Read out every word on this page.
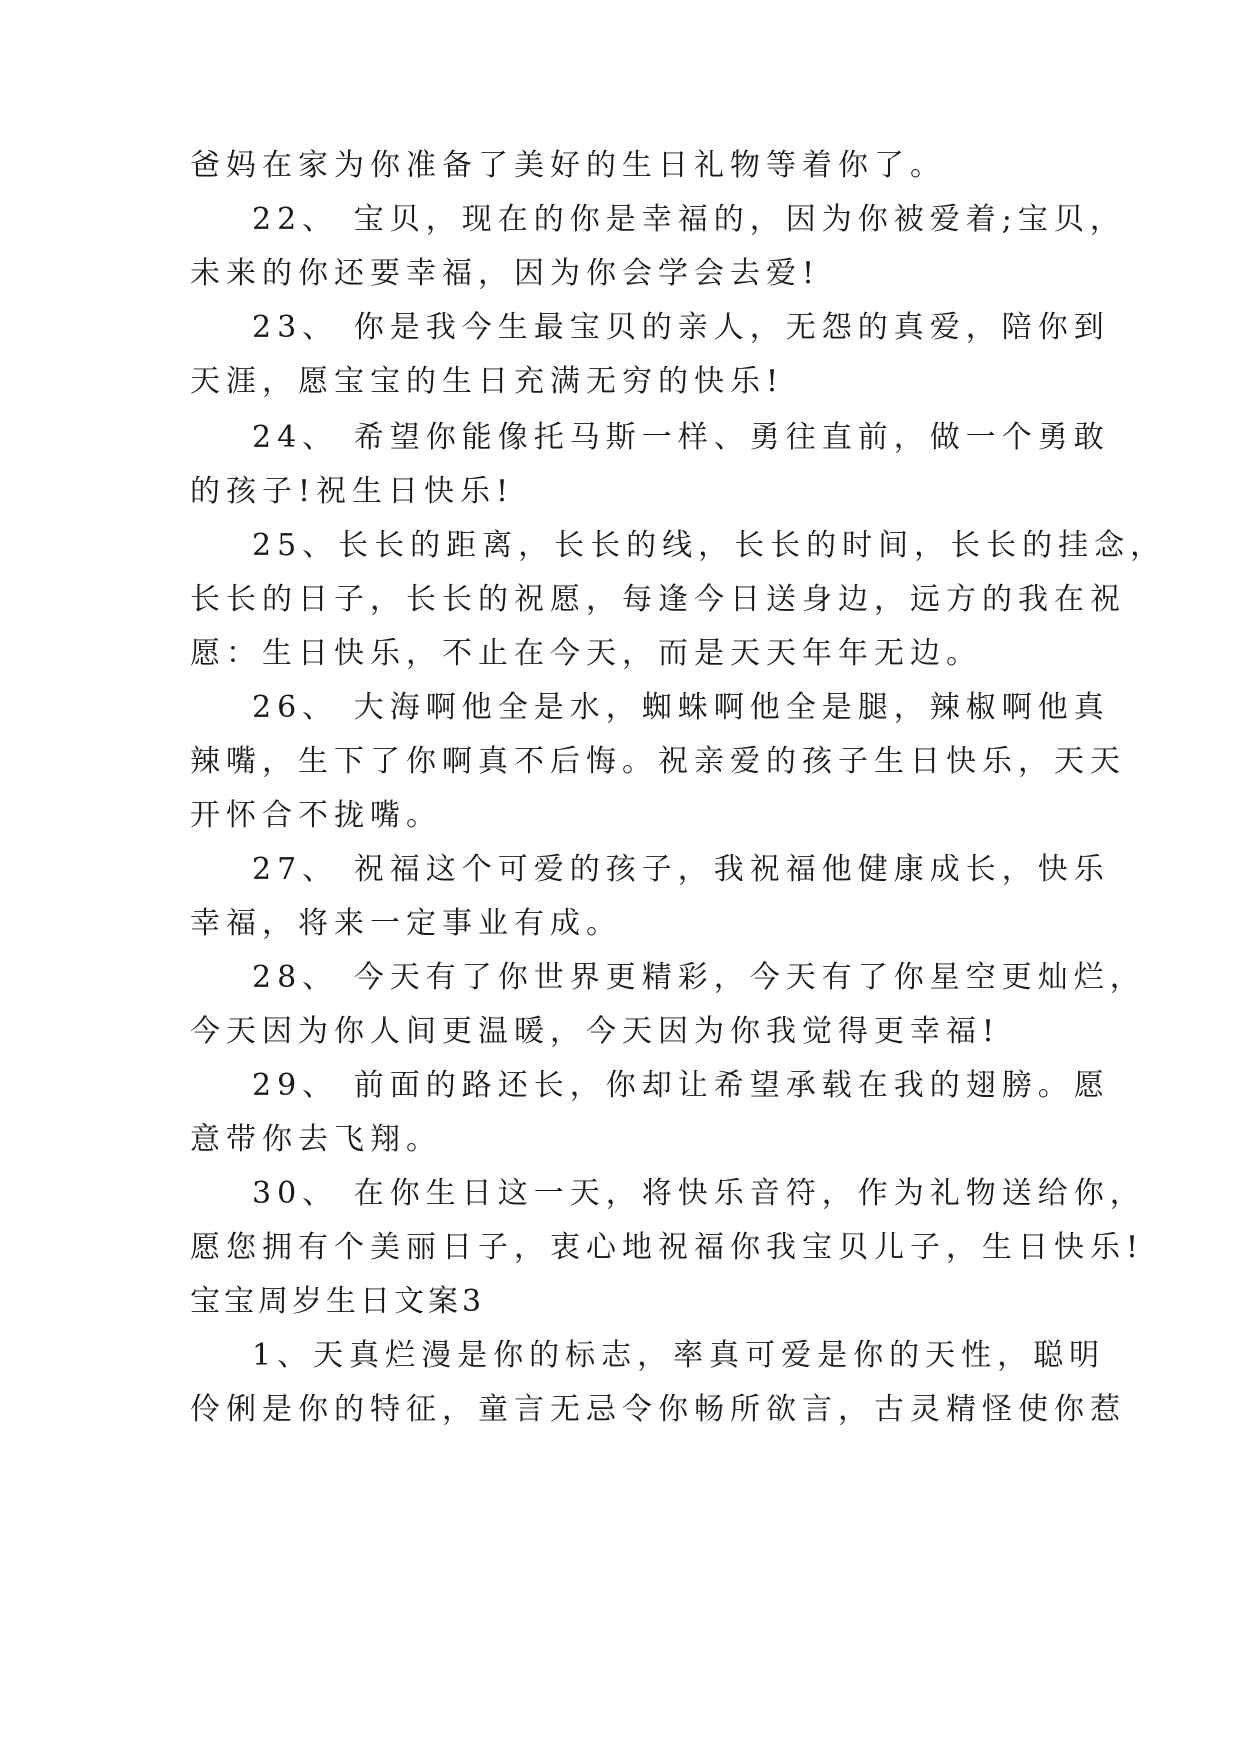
爸妈在家为你准备了美好的生日礼物等着你了。
22、 宝贝，现在的你是幸福的，因为你被爱着;宝贝，
未来的你还要幸福，因为你会学会去爱!
23、 你是我今生最宝贝的亲人，无怨的真爱，陪你到
天涯，愿宝宝的生日充满无穷的快乐!
24、 希望你能像托马斯一样、勇往直前，做一个勇敢
的孩子!祝生日快乐!
25、长长的距离，长长的线，长长的时间，长长的挂念，
长长的日子，长长的祝愿，每逢今日送身边，远方的我在祝
愿：生日快乐，不止在今天，而是天天年年无边。
26、 大海啊他全是水，蜘蛛啊他全是腿，辣椒啊他真
辣嘴，生下了你啊真不后悔。祝亲爱的孩子生日快乐，天天
开怀合不拢嘴。
27、 祝福这个可爱的孩子，我祝福他健康成长，快乐
幸福，将来一定事业有成。
28、 今天有了你世界更精彩，今天有了你星空更灿烂，
今天因为你人间更温暖，今天因为你我觉得更幸福!
29、 前面的路还长，你却让希望承载在我的翅膀。愿
意带你去飞翔。
30、 在你生日这一天，将快乐音符，作为礼物送给你，
愿您拥有个美丽日子，衷心地祝福你我宝贝儿子，生日快乐!
宝宝周岁生日文案3
1、天真烂漫是你的标志，率真可爱是你的天性，聪明
伶俐是你的特征，童言无忌令你畅所欲言，古灵精怪使你惹
